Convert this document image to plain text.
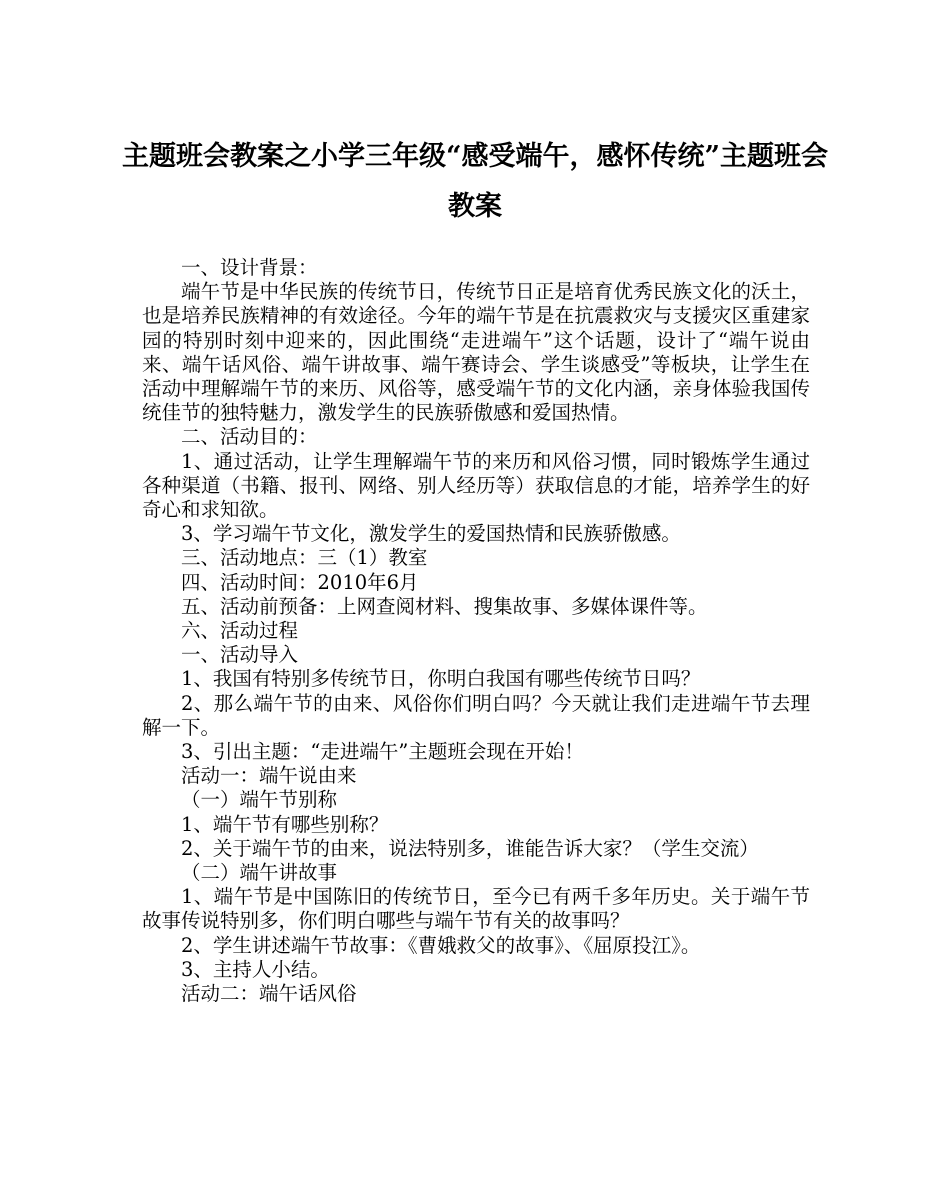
主题班会教案之小学三年级“感受端午，感怀传统”主题班会教案

一、设计背景：

端午节是中华民族的传统节日，传统节日正是培育优秀民族文化的沃土，也是培养民族精神的有效途径。今年的端午节是在抗震救灾与支援灾区重建家园的特别时刻中迎来的，因此围绕“走进端午”这个话题，设计了“端午说由来、端午话风俗、端午讲故事、端午赛诗会、学生谈感受”等板块，让学生在活动中理解端午节的来历、风俗等，感受端午节的文化内涵，亲身体验我国传统佳节的独特魅力，激发学生的民族骄傲感和爱国热情。

二、活动目的：

1、通过活动，让学生理解端午节的来历和风俗习惯，同时锻炼学生通过各种渠道（书籍、报刊、网络、别人经历等）获取信息的才能，培养学生的好奇心和求知欲。

3、学习端午节文化，激发学生的爱国热情和民族骄傲感。

三、活动地点：三（1）教室

四、活动时间：2010年6月

五、活动前预备：上网查阅材料、搜集故事、多媒体课件等。

六、活动过程

一、活动导入

1、我国有特别多传统节日，你明白我国有哪些传统节日吗？

2、那么端午节的由来、风俗你们明白吗？今天就让我们走进端午节去理解一下。

3、引出主题：“走进端午”主题班会现在开始！

活动一：端午说由来

（一）端午节别称

1、端午节有哪些别称？

2、关于端午节的由来，说法特别多，谁能告诉大家？（学生交流）

（二）端午讲故事

1、端午节是中国陈旧的传统节日，至今已有两千多年历史。关于端午节故事传说特别多，你们明白哪些与端午节有关的故事吗？

2、学生讲述端午节故事：《曹娥救父的故事》、《屈原投江》。

3、主持人小结。

活动二：端午话风俗
